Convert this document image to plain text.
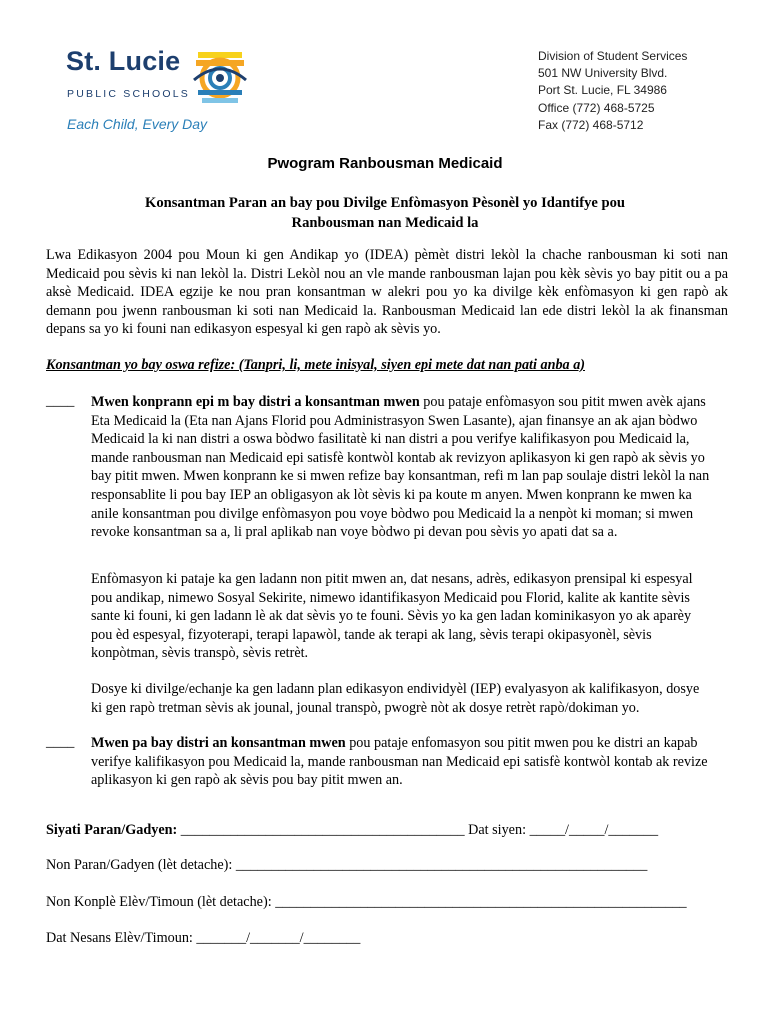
St. Lucie
PUBLIC SCHOOLS
Each Child, Every Day
Division of Student Services
501 NW University Blvd.
Port St. Lucie, FL 34986
Office (772) 468-5725
Fax (772) 468-5712
Pwogram Ranbousman Medicaid
Konsantman Paran an bay pou Divilge Enfòmasyon Pèsonèl yo Idantifye pou
Ranbousman nan Medicaid la
Lwa Edikasyon 2004 pou Moun ki gen Andikap yo (IDEA) pèmèt distri lekòl la chache ranbousman ki soti nan Medicaid pou sèvis ki nan lekòl la. Distri Lekòl nou an vle mande ranbousman lajan pou kèk sèvis yo bay pitit ou a pa aksè Medicaid. IDEA egzije ke nou pran konsantman w alekri pou yo ka divilge kèk enfòmasyon ki gen rapò ak demann pou jwenn ranbousman ki soti nan Medicaid la. Ranbousman Medicaid lan ede distri lekòl la ak finansman depans sa yo ki founi nan edikasyon espesyal ki gen rapò ak sèvis yo.
Konsantman yo bay oswa refize: (Tanpri, li, mete inisyal, siyen epi mete dat nan pati anba a)
____ Mwen konprann epi m bay distri a konsantman mwen pou pataje enfòmasyon sou pitit mwen avèk ajans Eta Medicaid la (Eta nan Ajans Florid pou Administrasyon Swen Lasante), ajan finansye an ak ajan bòdwo Medicaid la ki nan distri a oswa bòdwo fasilitatè ki nan distri a pou verifye kalifikasyon pou Medicaid la, mande ranbousman nan Medicaid epi satisfè kontwòl kontab ak revizyon aplikasyon ki gen rapò ak sèvis yo bay pitit mwen. Mwen konprann ke si mwen refize bay konsantman, refi m lan pap soulaje distri lekòl la nan responsablite li pou bay IEP an obligasyon ak lòt sèvis ki pa koute m anyen. Mwen konprann ke mwen ka anile konsantman pou divilge enfòmasyon pou voye bòdwo pou Medicaid la a nenpòt ki moman; si mwen revoke konsantman sa a, li pral aplikab nan voye bòdwo pi devan pou sèvis yo apati dat sa a.
Enfòmasyon ki pataje ka gen ladann non pitit mwen an, dat nesans, adrès, edikasyon prensipal ki espesyal pou andikap, nimewo Sosyal Sekirite, nimewo idantifikasyon Medicaid pou Florid, kalite ak kantite sèvis sante ki founi, ki gen ladann lè ak dat sèvis yo te founi. Sèvis yo ka gen ladan kominikasyon yo ak aparèy pou èd espesyal, fizyoterapi, terapi lapawòl, tande ak terapi ak lang, sèvis terapi okipasyonèl, sèvis konpòtman, sèvis transpò, sèvis retrèt.
Dosye ki divilge/echanje ka gen ladann plan edikasyon endividyèl (IEP) evalyasyon ak kalifikasyon, dosye ki gen rapò tretman sèvis ak jounal, jounal transpò, pwogrè nòt ak dosye retrèt rapò/dokiman yo.
____ Mwen pa bay distri an konsantman mwen pou pataje enfomasyon sou pitit mwen pou ke distri an kapab verifye kalifikasyon pou Medicaid la, mande ranbousman nan Medicaid epi satisfè kontwòl kontab ak revize aplikasyon ki gen rapò ak sèvis pou bay pitit mwen an.
Siyati Paran/Gadyen: ________________________________________ Dat siyen: _____/_____/_______
Non Paran/Gadyen (lèt detache): __________________________________________________________
Non Konplè Elèv/Timoun (lèt detache): __________________________________________________________
Dat Nesans Elèv/Timoun: _______/_______/________
